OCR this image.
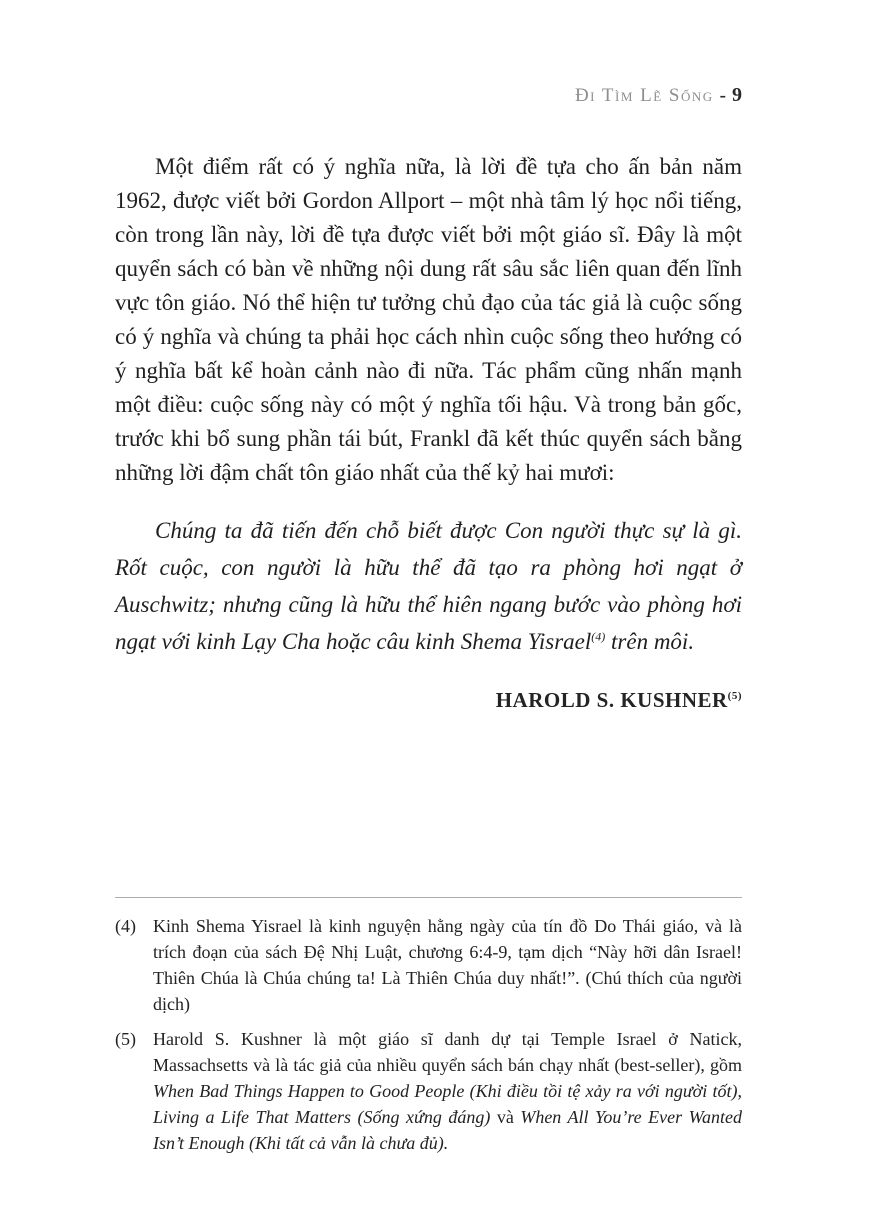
Đi Tìm Lẽ Sống - 9

Một điểm rất có ý nghĩa nữa, là lời đề tựa cho ấn bản năm 1962, được viết bởi Gordon Allport – một nhà tâm lý học nổi tiếng, còn trong lần này, lời đề tựa được viết bởi một giáo sĩ. Đây là một quyển sách có bàn về những nội dung rất sâu sắc liên quan đến lĩnh vực tôn giáo. Nó thể hiện tư tưởng chủ đạo của tác giả là cuộc sống có ý nghĩa và chúng ta phải học cách nhìn cuộc sống theo hướng có ý nghĩa bất kể hoàn cảnh nào đi nữa. Tác phẩm cũng nhấn mạnh một điều: cuộc sống này có một ý nghĩa tối hậu. Và trong bản gốc, trước khi bổ sung phần tái bút, Frankl đã kết thúc quyển sách bằng những lời đậm chất tôn giáo nhất của thế kỷ hai mươi:

Chúng ta đã tiến đến chỗ biết được Con người thực sự là gì. Rốt cuộc, con người là hữu thể đã tạo ra phòng hơi ngạt ở Auschwitz; nhưng cũng là hữu thể hiên ngang bước vào phòng hơi ngạt với kinh Lạy Cha hoặc câu kinh Shema Yisrael$^{(4)}$ trên môi.

HAROLD S. KUSHNER$^{(5)}$

(4) Kinh Shema Yisrael là kinh nguyện hằng ngày của tín đồ Do Thái giáo, và là trích đoạn của sách Đệ Nhị Luật, chương 6:4-9, tạm dịch “Này hỡi dân Israel! Thiên Chúa là Chúa chúng ta! Là Thiên Chúa duy nhất!”. (Chú thích của người dịch)
(5) Harold S. Kushner là một giáo sĩ danh dự tại Temple Israel ở Natick, Massachsetts và là tác giả của nhiều quyển sách bán chạy nhất (best-seller), gồm When Bad Things Happen to Good People (Khi điều tồi tệ xảy ra với người tốt), Living a Life That Matters (Sống xứng đáng) và When All You’re Ever Wanted Isn’t Enough (Khi tất cả vẫn là chưa đủ).
